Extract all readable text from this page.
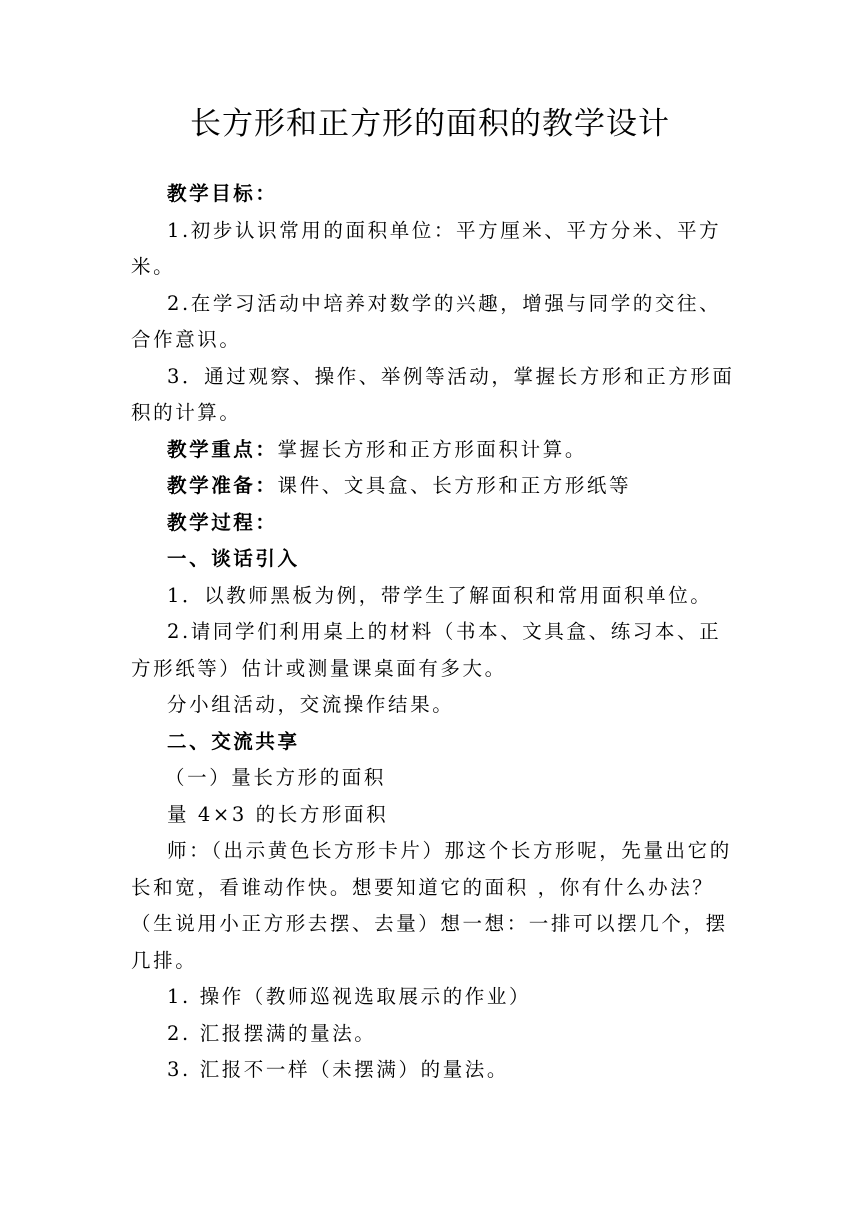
长方形和正方形的面积的教学设计

教学目标：

1.初步认识常用的面积单位：平方厘米、平方分米、平方米。

2.在学习活动中培养对数学的兴趣，增强与同学的交往、合作意识。

3．通过观察、操作、举例等活动，掌握长方形和正方形面积的计算。

教学重点：掌握长方形和正方形面积计算。

教学准备：课件、文具盒、长方形和正方形纸等

教学过程：

一、谈话引入

1．以教师黑板为例，带学生了解面积和常用面积单位。

2.请同学们利用桌上的材料（书本、文具盒、练习本、正方形纸等）估计或测量课桌面有多大。

分小组活动，交流操作结果。

二、交流共享

（一）量长方形的面积

量 4×3 的长方形面积

师：（出示黄色长方形卡片）那这个长方形呢，先量出它的长和宽，看谁动作快。想要知道它的面积 ，你有什么办法？（生说用小正方形去摆、去量）想一想：一排可以摆几个，摆几排。

1. 操作（教师巡视选取展示的作业）

2. 汇报摆满的量法。

3. 汇报不一样（未摆满）的量法。
